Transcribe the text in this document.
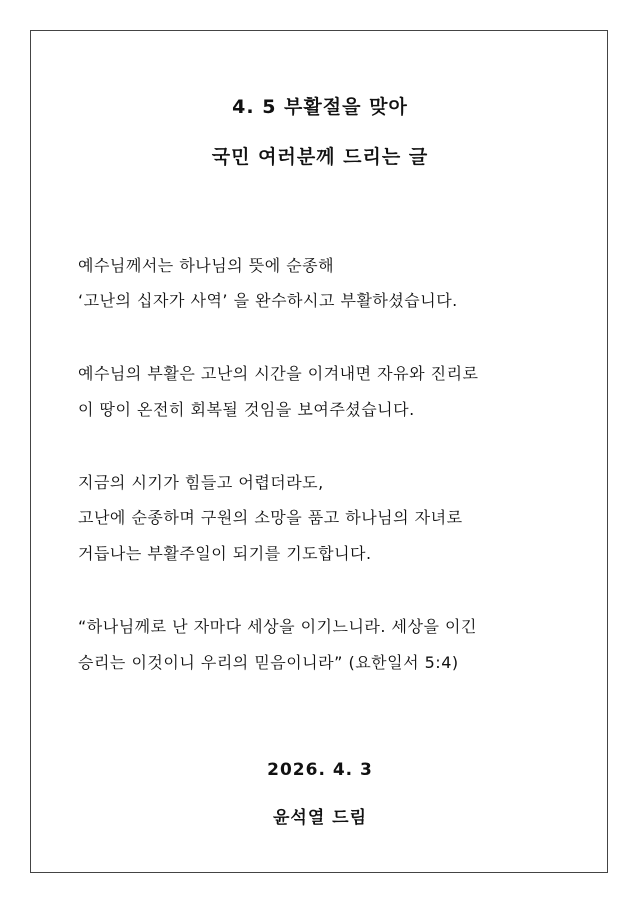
4. 5 부활절을 맞아
국민 여러분께 드리는 글
예수님께서는 하나님의 뜻에 순종해
‘고난의 십자가 사역’ 을 완수하시고 부활하셨습니다.
예수님의 부활은 고난의 시간을 이겨내면 자유와 진리로
이 땅이 온전히 회복될 것임을 보여주셨습니다.
지금의 시기가 힘들고 어렵더라도,
고난에 순종하며 구원의 소망을 품고 하나님의 자녀로
거듭나는 부활주일이 되기를 기도합니다.
“하나님께로 난 자마다 세상을 이기느니라. 세상을 이긴
승리는 이것이니 우리의 믿음이니라” (요한일서 5:4)
2026. 4. 3
윤석열 드림
